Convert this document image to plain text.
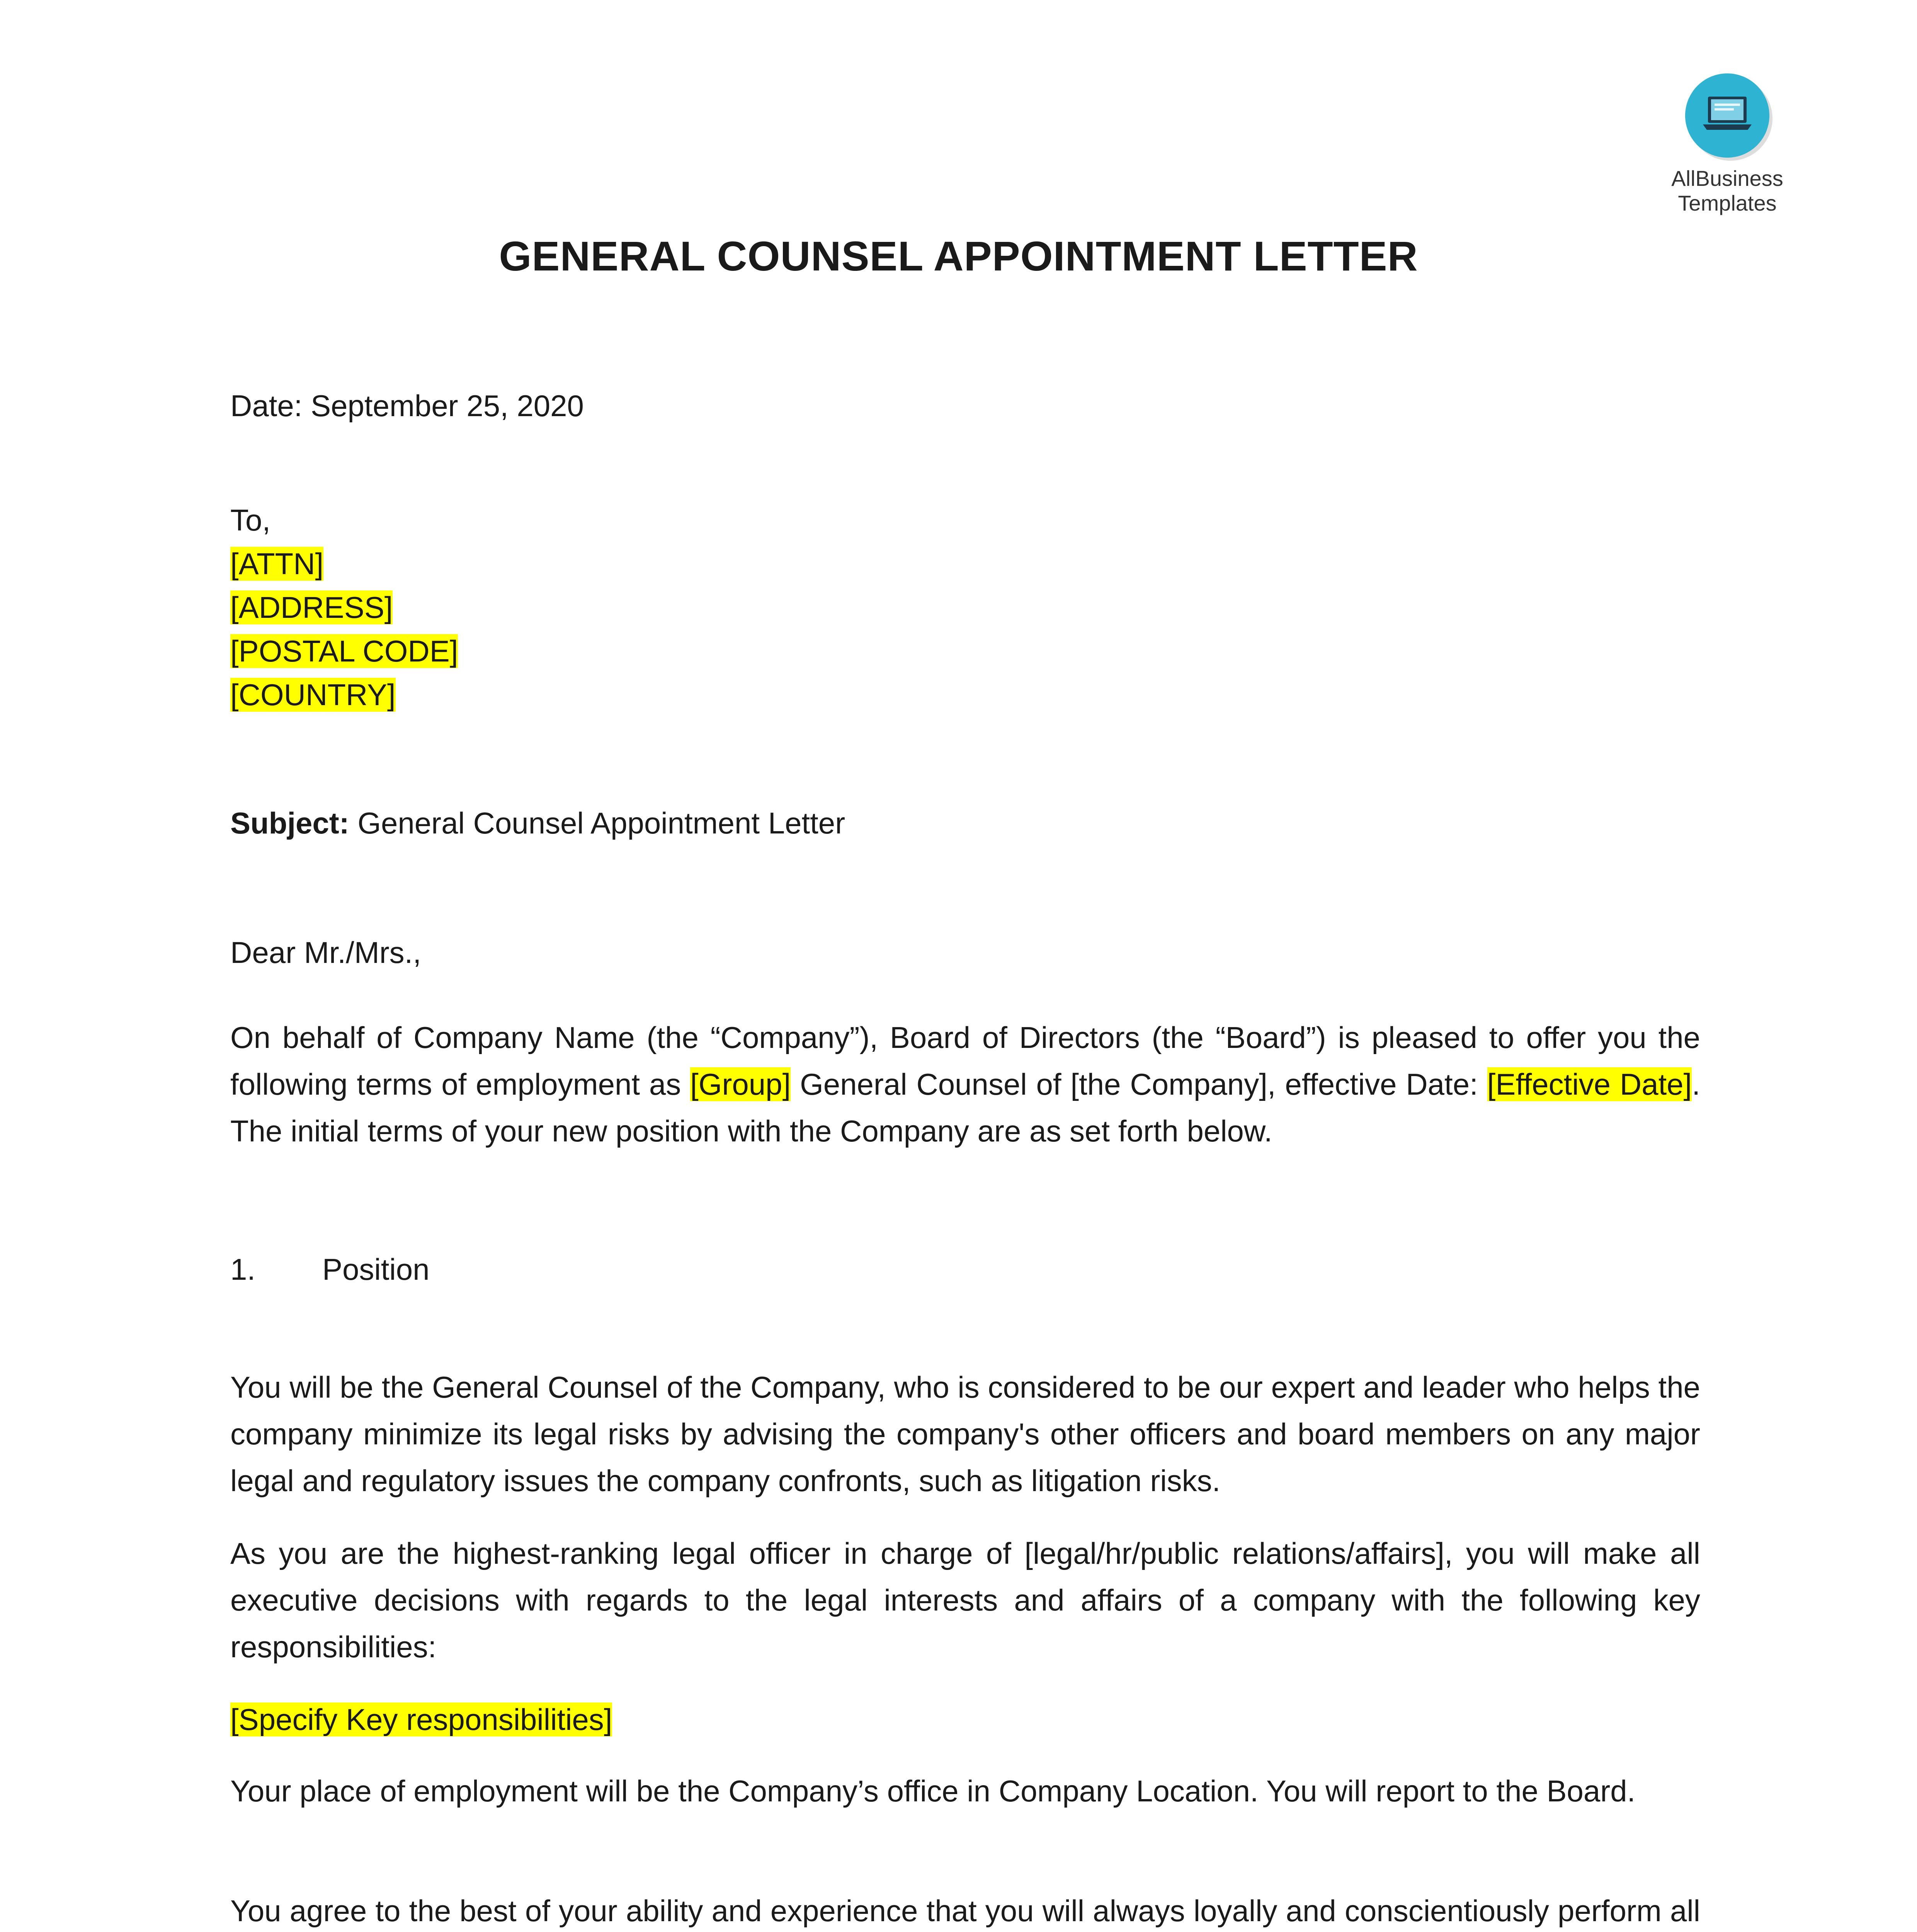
AllBusiness
Templates
GENERAL COUNSEL APPOINTMENT LETTER
Date: September 25, 2020
To,
[ATTN]
[ADDRESS]
[POSTAL CODE]
[COUNTRY]
Subject: General Counsel Appointment Letter
Dear Mr./Mrs.,
On behalf of Company Name (the “Company”), Board of Directors (the “Board”) is pleased to offer you the following terms of employment as [Group] General Counsel of [the Company], effective Date: [Effective Date]. The initial terms of your new position with the Company are as set forth below.
1. Position
You will be the General Counsel of the Company, who is considered to be our expert and leader who helps the company minimize its legal risks by advising the company's other officers and board members on any major legal and regulatory issues the company confronts, such as litigation risks.
As you are the highest-ranking legal officer in charge of [legal/hr/public relations/affairs], you will make all executive decisions with regards to the legal interests and affairs of a company with the following key responsibilities:
[Specify Key responsibilities]
Your place of employment will be the Company’s office in Company Location. You will report to the Board.
You agree to the best of your ability and experience that you will always loyally and conscientiously perform all
